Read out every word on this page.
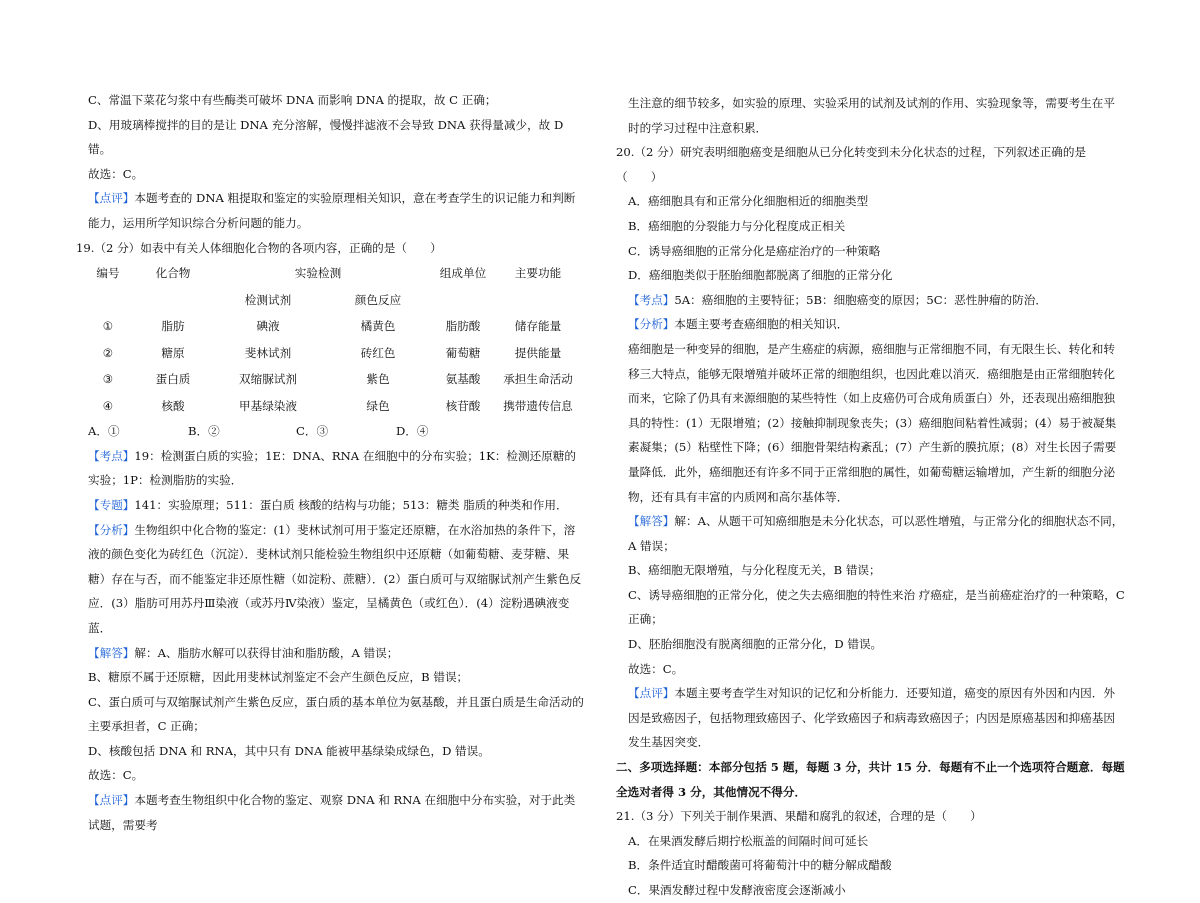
C、常温下菜花匀浆中有些酶类可破坏 DNA 而影响 DNA 的提取，故 C 正确；

D、用玻璃棒搅拌的目的是让 DNA 充分溶解，慢慢拌滤液不会导致 DNA 获得量减少，故 D 错。

故选：C。

【点评】本题考查的 DNA 粗提取和鉴定的实验原理相关知识，意在考查学生的识记能力和判断能力，运用所学知识综合分析问题的能力。

19.（2 分）如表中有关人体细胞化合物的各项内容，正确的是（　　）

编号	化合物	实验检测		组成单位	主要功能
		检测试剂	颜色反应		
①	脂肪	碘液	橘黄色	脂肪酸	储存能量
②	糖原	斐林试剂	砖红色	葡萄糖	提供能量
③	蛋白质	双缩脲试剂	紫色	氨基酸	承担生命活动
④	核酸	甲基绿染液	绿色	核苷酸	携带遗传信息

A．①	B．②	C．③	D．④

【考点】19：检测蛋白质的实验；1E：DNA、RNA 在细胞中的分布实验；1K：检测还原糖的实验；1P：检测脂肪的实验．

【专题】141：实验原理；511：蛋白质 核酸的结构与功能；513：糖类 脂质的种类和作用．

【分析】生物组织中化合物的鉴定：(1）斐林试剂可用于鉴定还原糖，在水浴加热的条件下，溶液的颜色变化为砖红色（沉淀）．斐林试剂只能检验生物组织中还原糖（如葡萄糖、麦芽糖、果糖）存在与否，而不能鉴定非还原性糖（如淀粉、蔗糖）．(2）蛋白质可与双缩脲试剂产生紫色反应．(3）脂肪可用苏丹Ⅲ染液（或苏丹Ⅳ染液）鉴定，呈橘黄色（或红色）．(4）淀粉遇碘液变蓝．

【解答】解：A、脂肪水解可以获得甘油和脂肪酸，A 错误；

B、糖原不属于还原糖，因此用斐林试剂鉴定不会产生颜色反应，B 错误；

C、蛋白质可与双缩脲试剂产生紫色反应，蛋白质的基本单位为氨基酸，并且蛋白质是生命活动的主要承担者，C 正确；

D、核酸包括 DNA 和 RNA，其中只有 DNA 能被甲基绿染成绿色，D 错误。

故选：C。

【点评】本题考查生物组织中化合物的鉴定、观察 DNA 和 RNA 在细胞中分布实验，对于此类试题，需要考

生注意的细节较多，如实验的原理、实验采用的试剂及试剂的作用、实验现象等，需要考生在平时的学习过程中注意积累．

20.（2 分）研究表明细胞癌变是细胞从已分化转变到未分化状态的过程，下列叙述正确的是（　　）

A．癌细胞具有和正常分化细胞相近的细胞类型

B．癌细胞的分裂能力与分化程度成正相关

C．诱导癌细胞的正常分化是癌症治疗的一种策略

D．癌细胞类似于胚胎细胞都脱离了细胞的正常分化

【考点】5A：癌细胞的主要特征；5B：细胞癌变的原因；5C：恶性肿瘤的防治．

【分析】本题主要考查癌细胞的相关知识．

癌细胞是一种变异的细胞，是产生癌症的病源，癌细胞与正常细胞不同，有无限生长、转化和转移三大特点，能够无限增殖并破坏正常的细胞组织，也因此难以消灭．癌细胞是由正常细胞转化而来，它除了仍具有来源细胞的某些特性（如上皮癌仍可合成角质蛋白）外，还表现出癌细胞独具的特性：(1）无限增殖；(2）接触抑制现象丧失；(3）癌细胞间粘着性减弱；(4）易于被凝集素凝集；(5）粘壁性下降；(6）细胞骨架结构紊乱；(7）产生新的膜抗原；(8）对生长因子需要量降低．此外，癌细胞还有许多不同于正常细胞的属性，如葡萄糖运输增加，产生新的细胞分泌物，还有具有丰富的内质网和高尔基体等．

【解答】解：A、从题干可知癌细胞是未分化状态，可以恶性增殖，与正常分化的细胞状态不同，A 错误；

B、癌细胞无限增殖，与分化程度无关，B 错误；

C、诱导癌细胞的正常分化，使之失去癌细胞的特性来治 疗癌症，是当前癌症治疗的一种策略，C 正确；

D、胚胎细胞没有脱离细胞的正常分化，D 错误。

故选：C。

【点评】本题主要考查学生对知识的记忆和分析能力．还要知道，癌变的原因有外因和内因．外因是致癌因子，包括物理致癌因子、化学致癌因子和病毒致癌因子；内因是原癌基因和抑癌基因发生基因突变．

二、多项选择题：本部分包括 5 题，每题 3 分，共计 15 分．每题有不止一个选项符合题意．每题全选对者得 3 分，其他情况不得分．

21.（3 分）下列关于制作果酒、果醋和腐乳的叙述，合理的是（　　）

A．在果酒发酵后期拧松瓶盖的间隔时间可延长

B．条件适宜时醋酸菌可将葡萄汁中的糖分解成醋酸

C．果酒发酵过程中发酵液密度会逐渐减小
